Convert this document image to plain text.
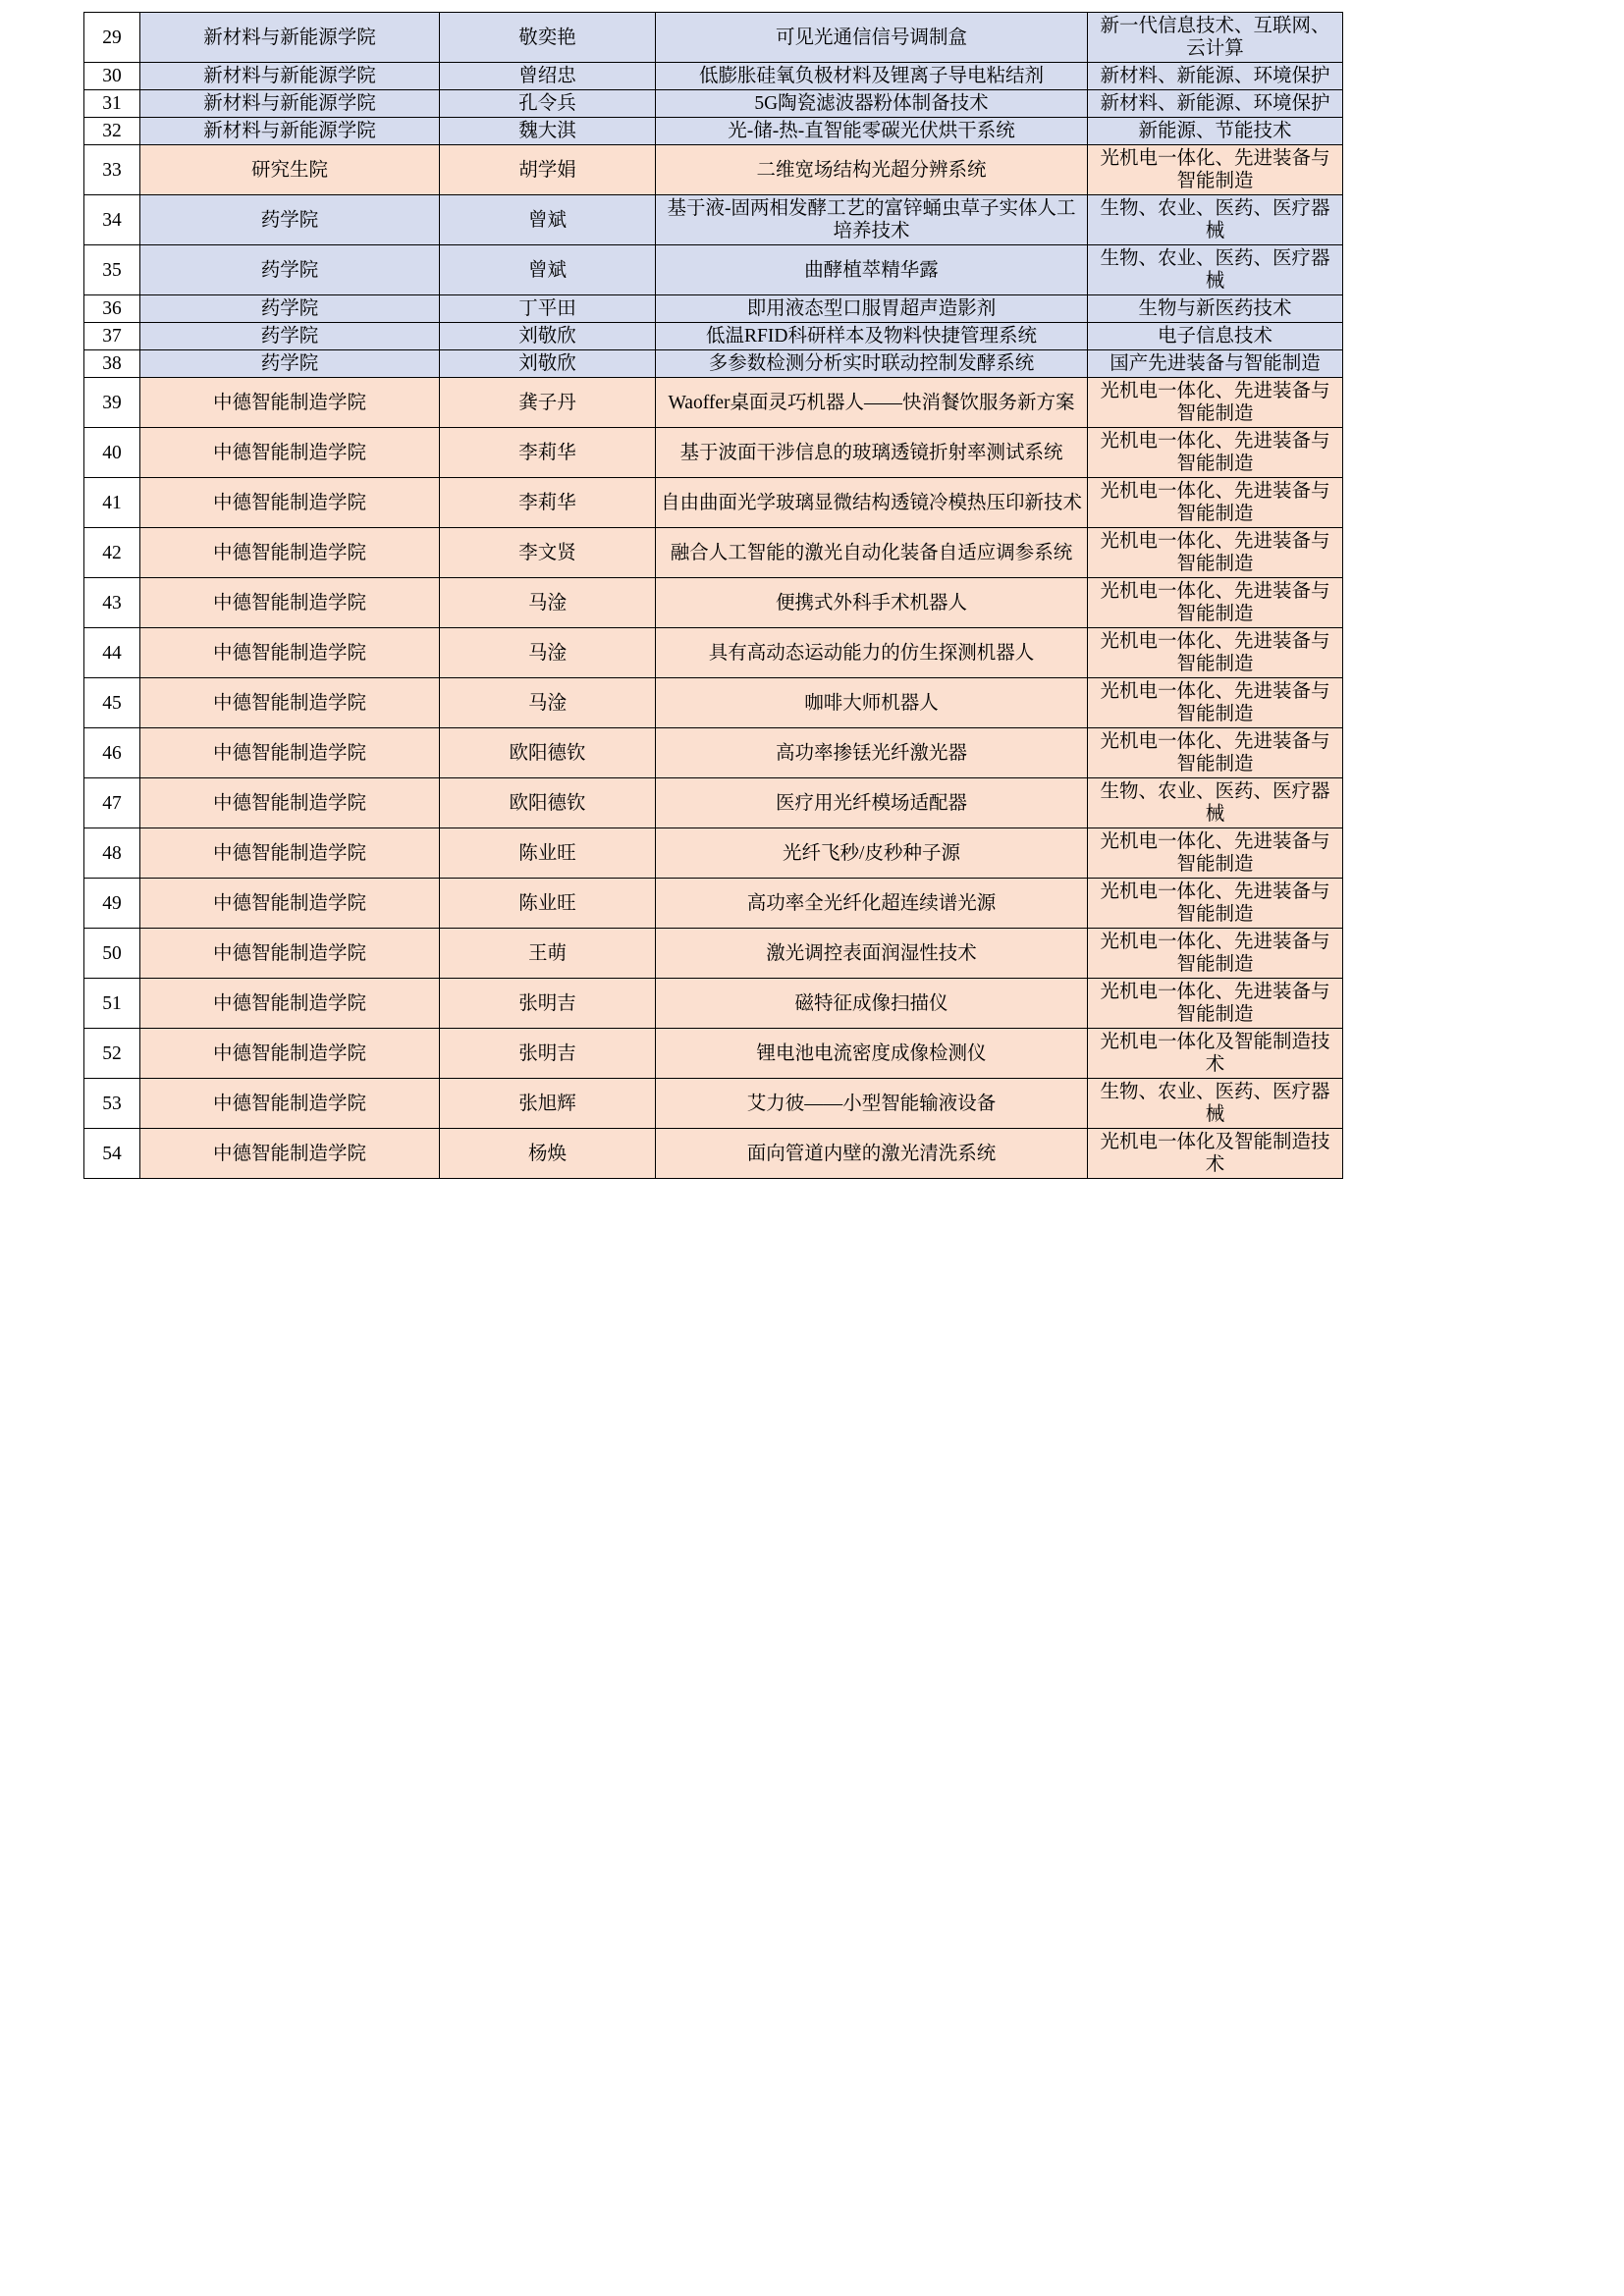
29	新材料与新能源学院	敬奕艳	可见光通信信号调制盒	新一代信息技术、互联网、云计算
30	新材料与新能源学院	曾绍忠	低膨胀硅氧负极材料及锂离子导电粘结剂	新材料、新能源、环境保护
31	新材料与新能源学院	孔令兵	5G陶瓷滤波器粉体制备技术	新材料、新能源、环境保护
32	新材料与新能源学院	魏大淇	光-储-热-直智能零碳光伏烘干系统	新能源、节能技术
33	研究生院	胡学娟	二维宽场结构光超分辨系统	光机电一体化、先进装备与智能制造
34	药学院	曾斌	基于液-固两相发酵工艺的富锌蛹虫草子实体人工培养技术	生物、农业、医药、医疗器械
35	药学院	曾斌	曲酵植萃精华露	生物、农业、医药、医疗器械
36	药学院	丁平田	即用液态型口服胃超声造影剂	生物与新医药技术
37	药学院	刘敬欣	低温RFID科研样本及物料快捷管理系统	电子信息技术
38	药学院	刘敬欣	多参数检测分析实时联动控制发酵系统	国产先进装备与智能制造
39	中德智能制造学院	龚子丹	Waoffer桌面灵巧机器人——快消餐饮服务新方案	光机电一体化、先进装备与智能制造
40	中德智能制造学院	李莉华	基于波面干涉信息的玻璃透镜折射率测试系统	光机电一体化、先进装备与智能制造
41	中德智能制造学院	李莉华	自由曲面光学玻璃显微结构透镜冷模热压印新技术	光机电一体化、先进装备与智能制造
42	中德智能制造学院	李文贤	融合人工智能的激光自动化装备自适应调参系统	光机电一体化、先进装备与智能制造
43	中德智能制造学院	马淦	便携式外科手术机器人	光机电一体化、先进装备与智能制造
44	中德智能制造学院	马淦	具有高动态运动能力的仿生探测机器人	光机电一体化、先进装备与智能制造
45	中德智能制造学院	马淦	咖啡大师机器人	光机电一体化、先进装备与智能制造
46	中德智能制造学院	欧阳德钦	高功率掺铥光纤激光器	光机电一体化、先进装备与智能制造
47	中德智能制造学院	欧阳德钦	医疗用光纤模场适配器	生物、农业、医药、医疗器械
48	中德智能制造学院	陈业旺	光纤飞秒/皮秒种子源	光机电一体化、先进装备与智能制造
49	中德智能制造学院	陈业旺	高功率全光纤化超连续谱光源	光机电一体化、先进装备与智能制造
50	中德智能制造学院	王萌	激光调控表面润湿性技术	光机电一体化、先进装备与智能制造
51	中德智能制造学院	张明吉	磁特征成像扫描仪	光机电一体化、先进装备与智能制造
52	中德智能制造学院	张明吉	锂电池电流密度成像检测仪	光机电一体化及智能制造技术
53	中德智能制造学院	张旭辉	艾力彼——小型智能输液设备	生物、农业、医药、医疗器械
54	中德智能制造学院	杨焕	面向管道内壁的激光清洗系统	光机电一体化及智能制造技术
